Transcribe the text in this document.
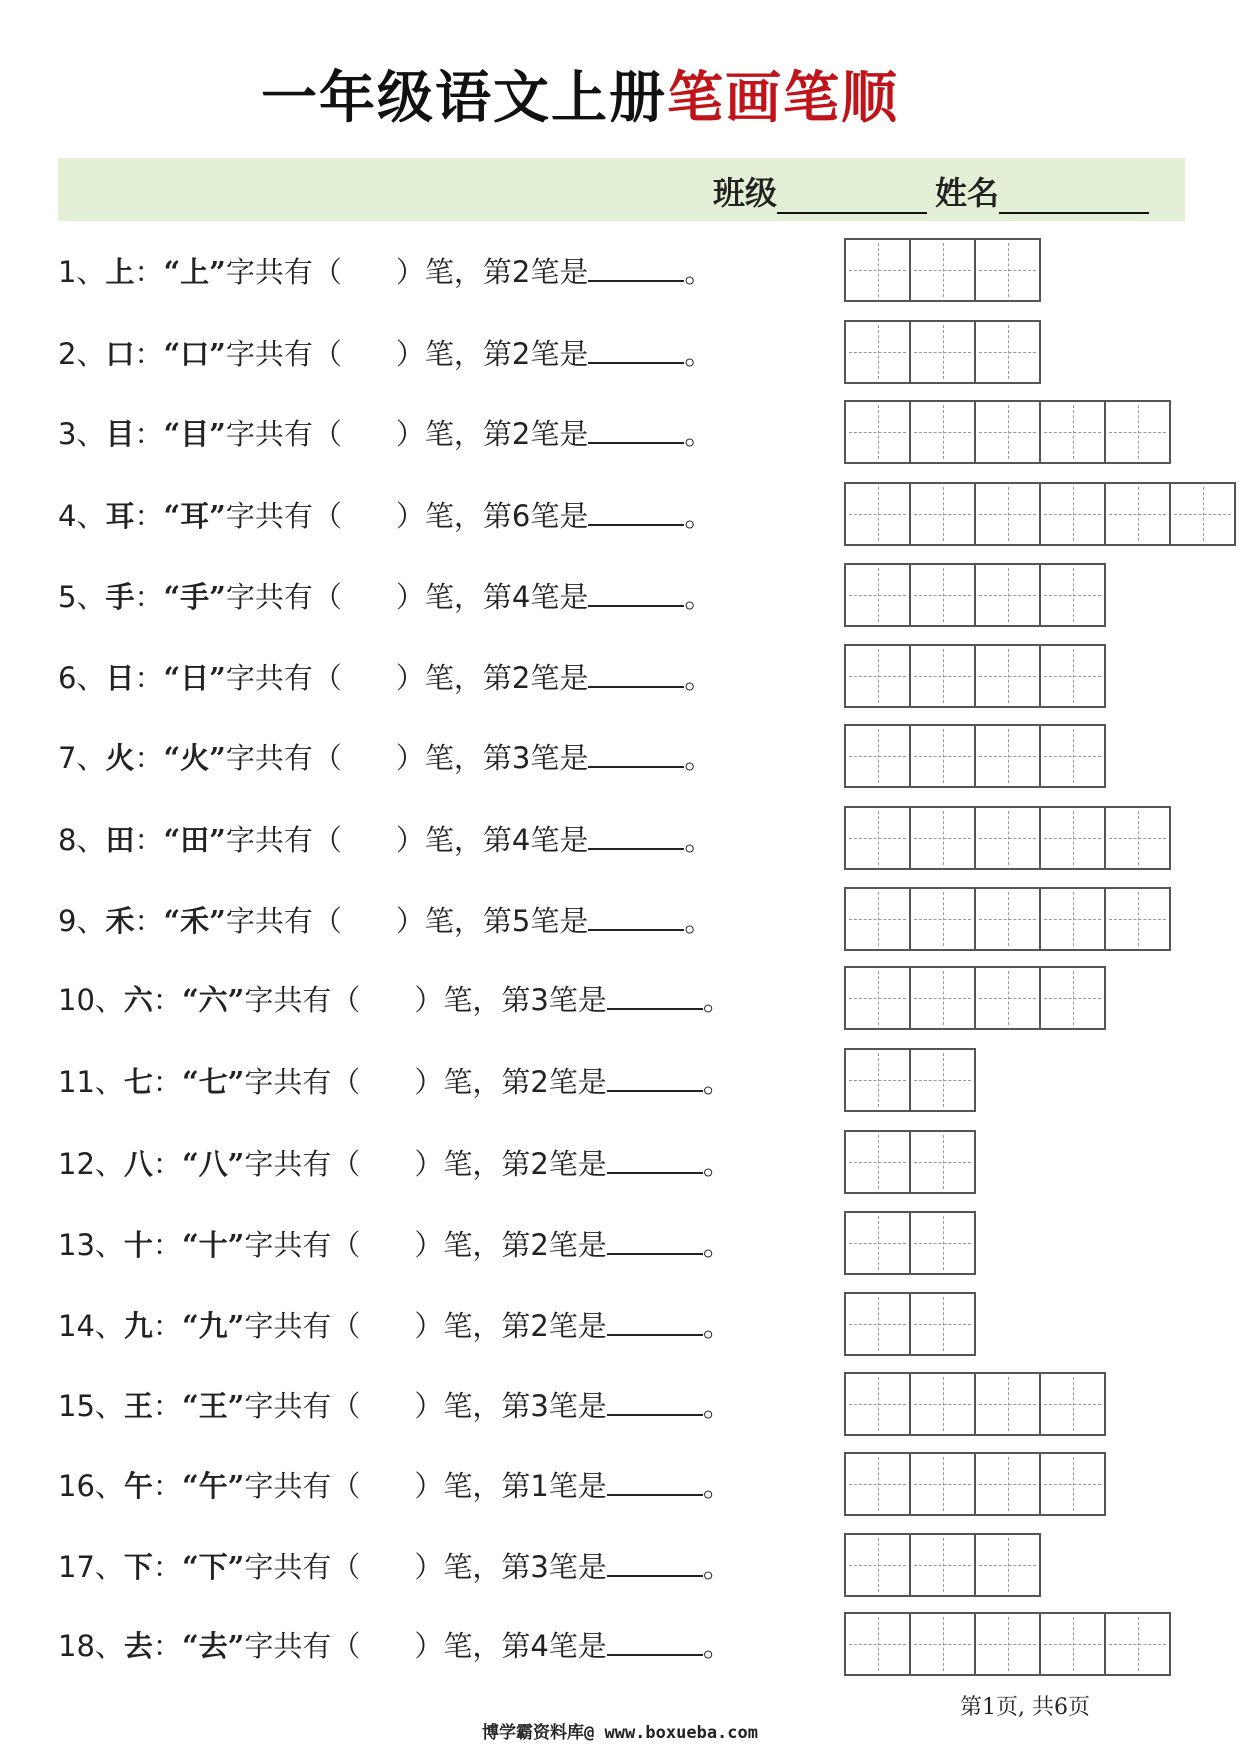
一年级语文上册笔画笔顺
班级	姓名
1、上：“上”字共有（ ）笔，第2笔是	。
2、口：“口”字共有（ ）笔，第2笔是	。
3、目：“目”字共有（ ）笔，第2笔是	。
4、耳：“耳”字共有（ ）笔，第6笔是	。
5、手：“手”字共有（ ）笔，第4笔是	。
6、日：“日”字共有（ ）笔，第2笔是	。
7、火：“火”字共有（ ）笔，第3笔是	。
8、田：“田”字共有（ ）笔，第4笔是	。
9、禾：“禾”字共有（ ）笔，第5笔是	。
10、六：“六”字共有（ ）笔，第3笔是	。
11、七：“七”字共有（ ）笔，第2笔是	。
12、八：“八”字共有（ ）笔，第2笔是	。
13、十：“十”字共有（ ）笔，第2笔是	。
14、九：“九”字共有（ ）笔，第2笔是	。
15、王：“王”字共有（ ）笔，第3笔是	。
16、午：“午”字共有（ ）笔，第1笔是	。
17、下：“下”字共有（ ）笔，第3笔是	。
18、去：“去”字共有（ ）笔，第4笔是	。
第1页, 共6页
博学霸资料库@ www.boxueba.com
